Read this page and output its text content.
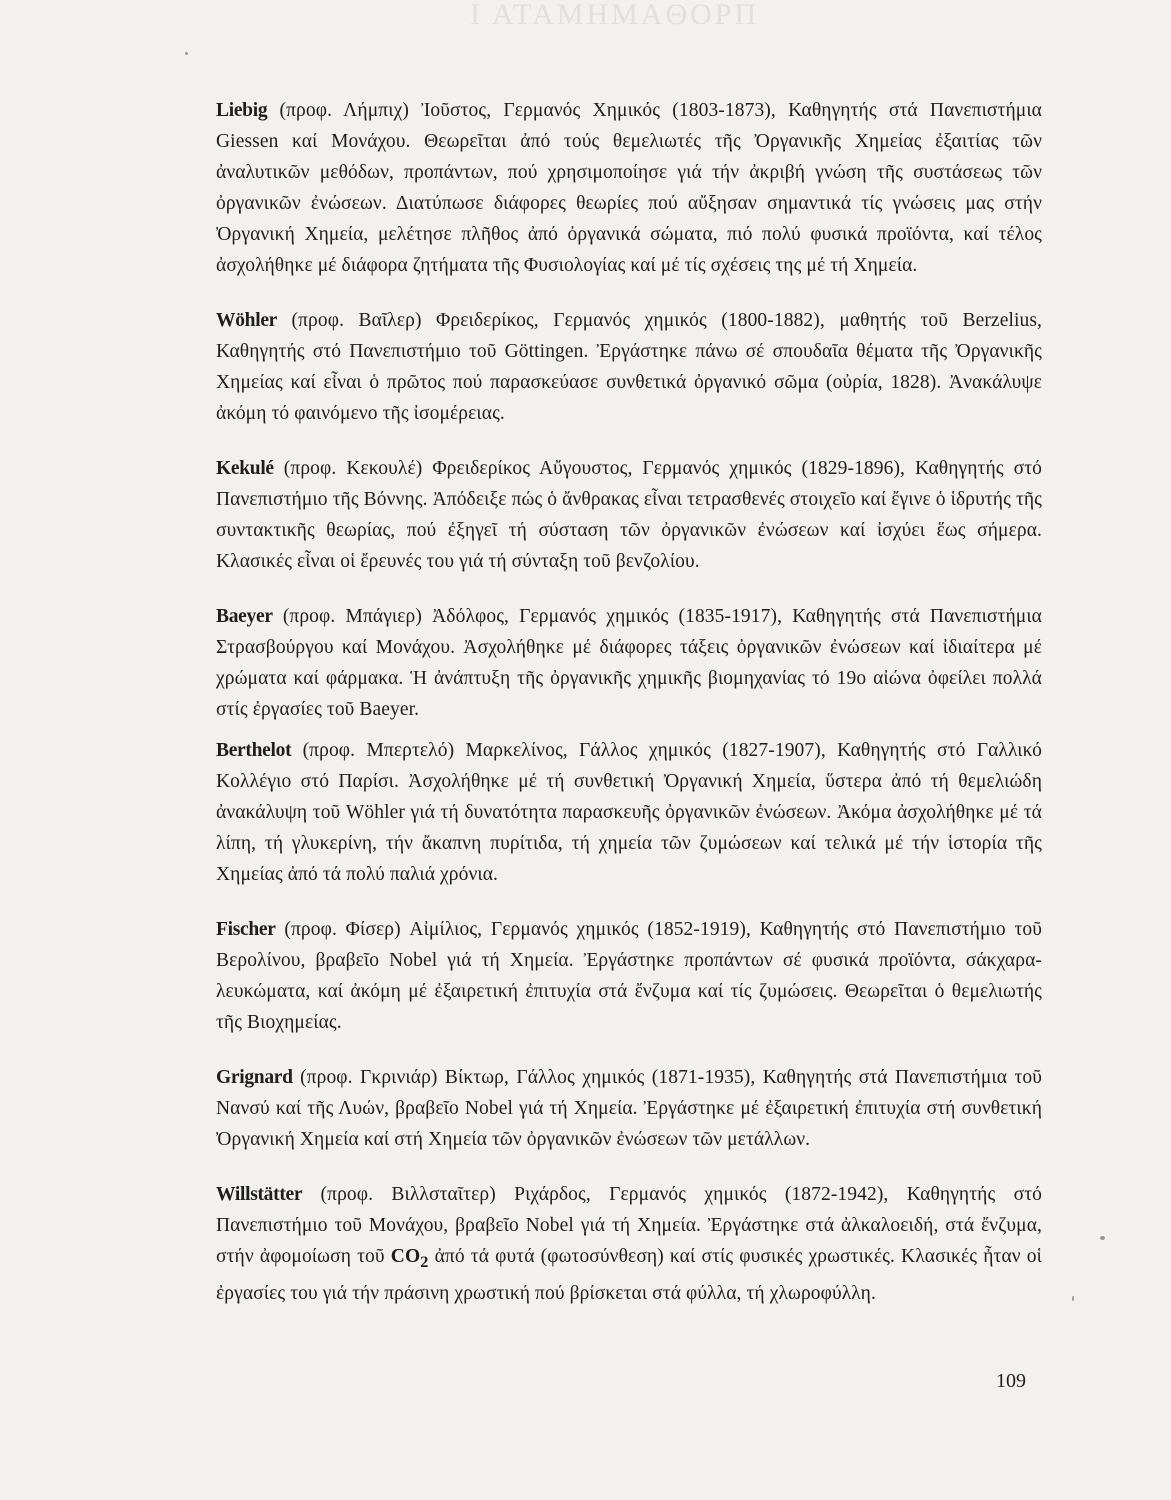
I ATAMHMAΘOPΠ

Liebig (προφ. Λήμπιχ) Ἰοῦστος, Γερμανός Χημικός (1803-1873), Καθηγητής στά Πανεπιστήμια Giessen καί Μονάχου. Θεωρεῖται ἀπό τούς θεμελιωτές τῆς Ὀργανικῆς Χημείας ἐξαιτίας τῶν ἀναλυτικῶν μεθόδων, προπάντων, πού χρησιμοποίησε γιά τήν ἀκριβή γνώση τῆς συστάσεως τῶν ὀργανικῶν ἐνώσεων. Διατύπωσε διάφορες θεωρίες πού αὔξησαν σημαντικά τίς γνώσεις μας στήν Ὀργανική Χημεία, μελέτησε πλῆθος ἀπό ὀργανικά σώματα, πιό πολύ φυσικά προϊόντα, καί τέλος ἀσχολήθηκε μέ διάφορα ζητήματα τῆς Φυσιολογίας καί μέ τίς σχέσεις της μέ τή Χημεία.

Wöhler (προφ. Βαῖλερ) Φρειδερίκος, Γερμανός χημικός (1800-1882), μαθητής τοῦ Berzelius, Καθηγητής στό Πανεπιστήμιο τοῦ Göttingen. Ἐργάστηκε πάνω σέ σπουδαῖα θέματα τῆς Ὀργανικῆς Χημείας καί εἶναι ὁ πρῶτος πού παρασκεύασε συνθετικά ὀργανικό σῶμα (οὐρία, 1828). Ἀνακάλυψε ἀκόμη τό φαινόμενο τῆς ἰσομέρειας.

Kekulé (προφ. Κεκουλέ) Φρειδερίκος Αὔγουστος, Γερμανός χημικός (1829-1896), Καθηγητής στό Πανεπιστήμιο τῆς Βόννης. Ἀπόδειξε πώς ὁ ἄνθρακας εἶναι τετρασθενές στοιχεῖο καί ἔγινε ὁ ἱδρυτής τῆς συντακτικῆς θεωρίας, πού ἐξηγεῖ τή σύσταση τῶν ὀργανικῶν ἐνώσεων καί ἰσχύει ἕως σήμερα. Κλασικές εἶναι οἱ ἔρευνές του γιά τή σύνταξη τοῦ βενζολίου.

Baeyer (προφ. Μπάγιερ) Ἀδόλφος, Γερμανός χημικός (1835-1917), Καθηγητής στά Πανεπιστήμια Στρασβούργου καί Μονάχου. Ἀσχολήθηκε μέ διάφορες τάξεις ὀργανικῶν ἐνώσεων καί ἰδιαίτερα μέ χρώματα καί φάρμακα. Ἡ ἀνάπτυξη τῆς ὀργανικῆς χημικῆς βιομηχανίας τό 19ο αἰώνα ὀφείλει πολλά στίς ἐργασίες τοῦ Baeyer.

Berthelot (προφ. Μπερτελό) Μαρκελίνος, Γάλλος χημικός (1827-1907), Καθηγητής στό Γαλλικό Κολλέγιο στό Παρίσι. Ἀσχολήθηκε μέ τή συνθετική Ὀργανική Χημεία, ὕστερα ἀπό τή θεμελιώδη ἀνακάλυψη τοῦ Wöhler γιά τή δυνατότητα παρασκευῆς ὀργανικῶν ἐνώσεων. Ἀκόμα ἀσχολήθηκε μέ τά λίπη, τή γλυκερίνη, τήν ἄκαπνη πυρίτιδα, τή χημεία τῶν ζυμώσεων καί τελικά μέ τήν ἱστορία τῆς Χημείας ἀπό τά πολύ παλιά χρόνια.

Fischer (προφ. Φίσερ) Αἰμίλιος, Γερμανός χημικός (1852-1919), Καθηγητής στό Πανεπιστήμιο τοῦ Βερολίνου, βραβεῖο Nobel γιά τή Χημεία. Ἐργάστηκε προπάντων σέ φυσικά προϊόντα, σάκχαρα-λευκώματα, καί ἀκόμη μέ ἐξαιρετική ἐπιτυχία στά ἔνζυμα καί τίς ζυμώσεις. Θεωρεῖται ὁ θεμελιωτής τῆς Βιοχημείας.

Grignard (προφ. Γκρινιάρ) Βίκτωρ, Γάλλος χημικός (1871-1935), Καθηγητής στά Πανεπιστήμια τοῦ Νανσύ καί τῆς Λυών, βραβεῖο Nobel γιά τή Χημεία. Ἐργάστηκε μέ ἐξαιρετική ἐπιτυχία στή συνθετική Ὀργανική Χημεία καί στή Χημεία τῶν ὀργανικῶν ἐνώσεων τῶν μετάλλων.

Willstätter (προφ. Βιλλσταῖτερ) Ριχάρδος, Γερμανός χημικός (1872-1942), Καθηγητής στό Πανεπιστήμιο τοῦ Μονάχου, βραβεῖο Nobel γιά τή Χημεία. Ἐργάστηκε στά ἀλκαλοειδή, στά ἔνζυμα, στήν ἀφομοίωση τοῦ $CO_2$ ἀπό τά φυτά (φωτοσύνθεση) καί στίς φυσικές χρωστικές. Κλασικές ἦταν οἱ ἐργασίες του γιά τήν πράσινη χρωστική πού βρίσκεται στά φύλλα, τή χλωροφύλλη.

109
